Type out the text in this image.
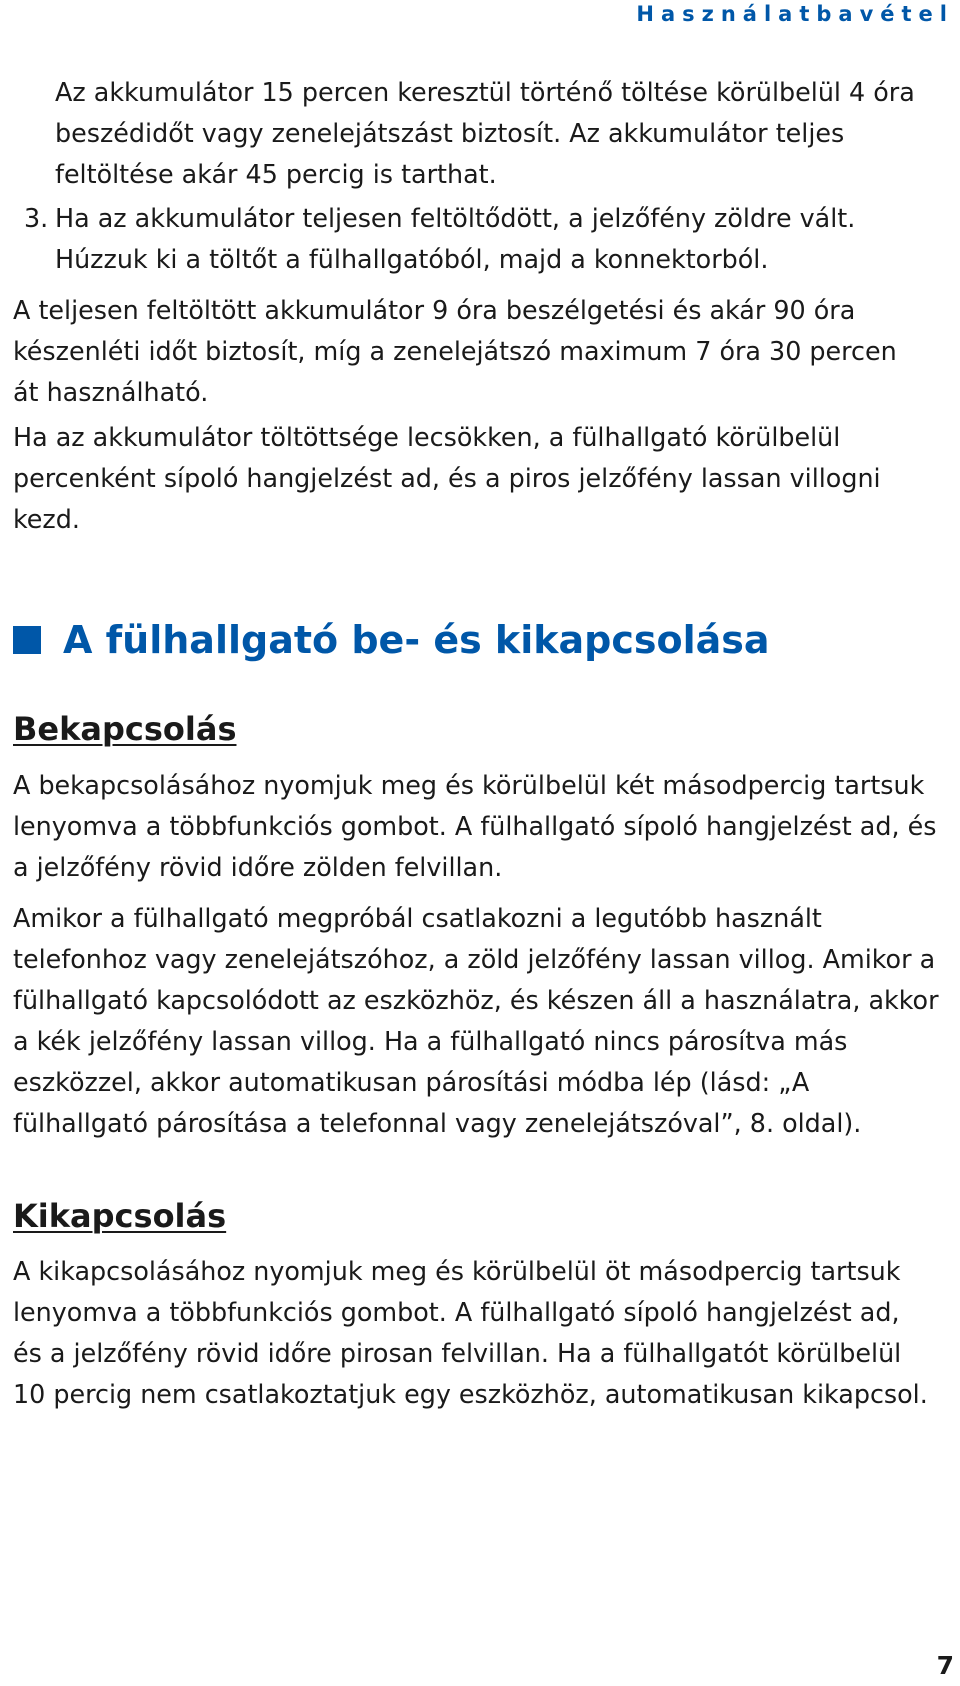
Használatbavétel
Az akkumulátor 15 percen keresztül történő töltése körülbelül 4 óra
beszédidőt vagy zenelejátszást biztosít. Az akkumulátor teljes
feltöltése akár 45 percig is tarthat.
3. Ha az akkumulátor teljesen feltöltődött, a jelzőfény zöldre vált.
Húzzuk ki a töltőt a fülhallgatóból, majd a konnektorból.
A teljesen feltöltött akkumulátor 9 óra beszélgetési és akár 90 óra
készenléti időt biztosít, míg a zenelejátszó maximum 7 óra 30 percen
át használható.
Ha az akkumulátor töltöttsége lecsökken, a fülhallgató körülbelül
percenként sípoló hangjelzést ad, és a piros jelzőfény lassan villogni
kezd.
A fülhallgató be- és kikapcsolása
Bekapcsolás
A bekapcsolásához nyomjuk meg és körülbelül két másodpercig tartsuk
lenyomva a többfunkciós gombot. A fülhallgató sípoló hangjelzést ad, és
a jelzőfény rövid időre zölden felvillan.
Amikor a fülhallgató megpróbál csatlakozni a legutóbb használt
telefonhoz vagy zenelejátszóhoz, a zöld jelzőfény lassan villog. Amikor a
fülhallgató kapcsolódott az eszközhöz, és készen áll a használatra, akkor
a kék jelzőfény lassan villog. Ha a fülhallgató nincs párosítva más
eszközzel, akkor automatikusan párosítási módba lép (lásd: „A
fülhallgató párosítása a telefonnal vagy zenelejátszóval”, 8. oldal).
Kikapcsolás
A kikapcsolásához nyomjuk meg és körülbelül öt másodpercig tartsuk
lenyomva a többfunkciós gombot. A fülhallgató sípoló hangjelzést ad,
és a jelzőfény rövid időre pirosan felvillan. Ha a fülhallgatót körülbelül
10 percig nem csatlakoztatjuk egy eszközhöz, automatikusan kikapcsol.
7
